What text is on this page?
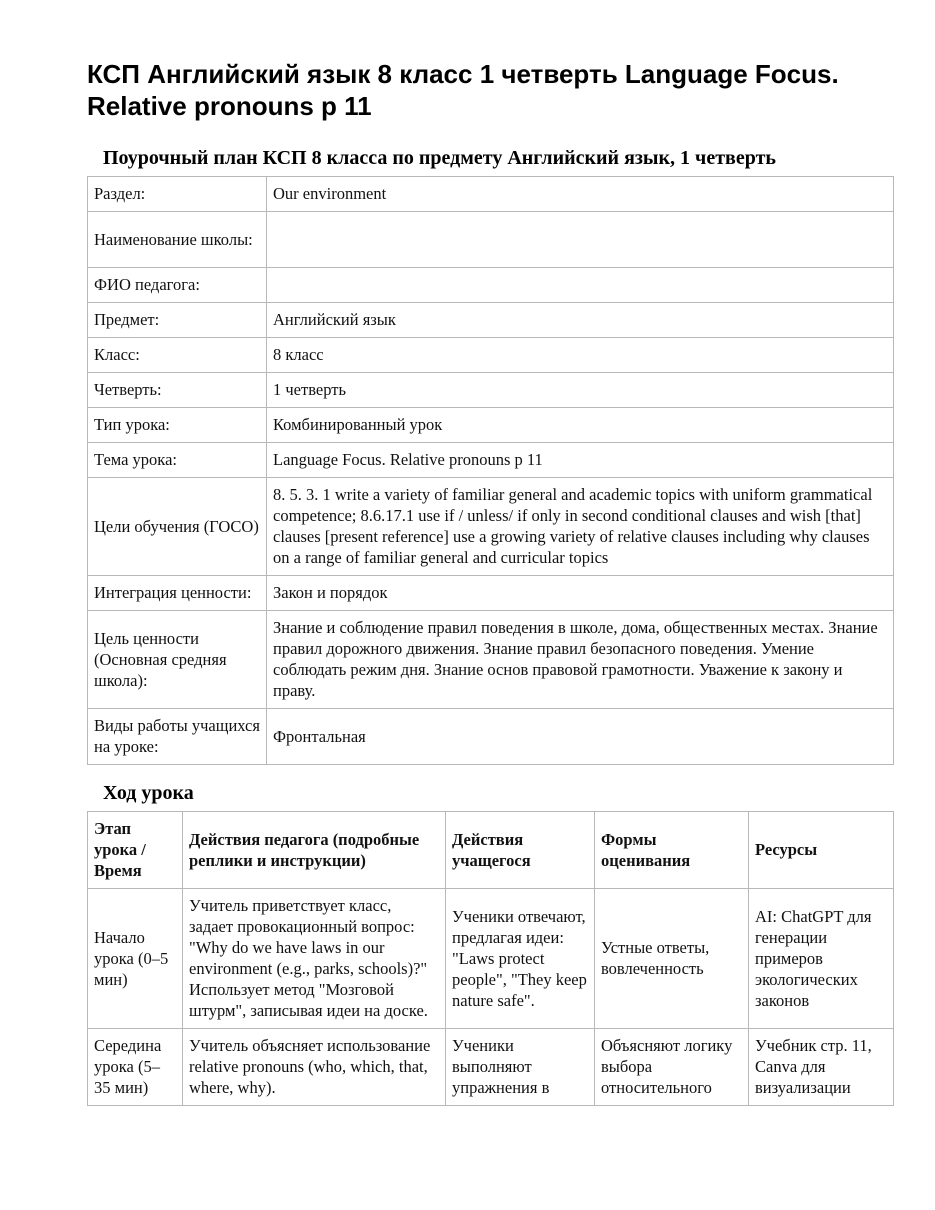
КСП Английский язык 8 класс 1 четверть Language Focus. Relative pronouns p 11
Поурочный план КСП 8 класса по предмету Английский язык, 1 четверть
Раздел:	Our environment
Наименование школы:	
ФИО педагога:	
Предмет:	Английский язык
Класс:	8 класс
Четверть:	1 четверть
Тип урока:	Комбинированный урок
Тема урока:	Language Focus. Relative pronouns p 11
Цели обучения (ГОСО)	8. 5. 3. 1 write a variety of familiar general and academic topics with uniform grammatical competence; 8.6.17.1 use if / unless/ if only in second conditional clauses and wish [that] clauses [present reference] use a growing variety of relative clauses including why clauses on a range of familiar general and curricular topics
Интеграция ценности:	Закон и порядок
Цель ценности (Основная средняя школа):	Знание и соблюдение правил поведения в школе, дома, общественных местах. Знание правил дорожного движения. Знание правил безопасного поведения. Умение соблюдать режим дня. Знание основ правовой грамотности. Уважение к закону и праву.
Виды работы учащихся на уроке:	Фронтальная
Ход урока
Этап урока / Время	Действия педагога (подробные реплики и инструкции)	Действия учащегося	Формы оценивания	Ресурсы
Начало урока (0–5 мин)	Учитель приветствует класс, задает провокационный вопрос: "Why do we have laws in our environment (e.g., parks, schools)?" Использует метод "Мозговой штурм", записывая идеи на доске.	Ученики отвечают, предлагая идеи: "Laws protect people", "They keep nature safe".	Устные ответы, вовлеченность	AI: ChatGPT для генерации примеров экологических законов
Середина урока (5–35 мин)	Учитель объясняет использование relative pronouns (who, which, that, where, why).	Ученики выполняют упражнения в	Объясняют логику выбора относительного	Учебник стр. 11, Canva для визуализации
